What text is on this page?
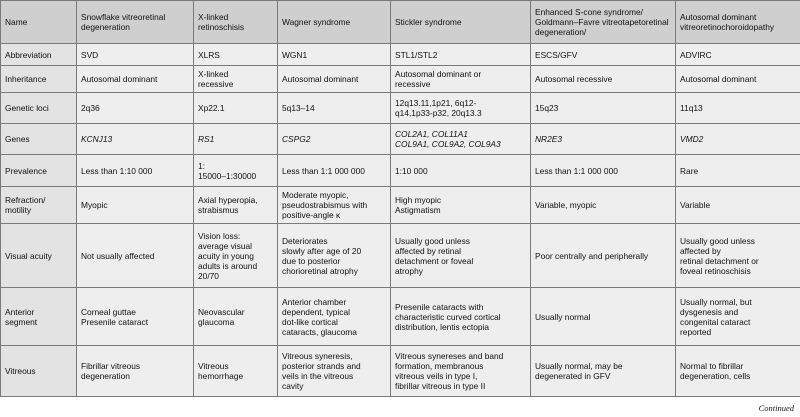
Name	Snowflake vitreoretinal degeneration	X-linked retinoschisis	Wagner syndrome	Stickler syndrome	Enhanced S-cone syndrome/ Goldmann–Favre vitreotapetoretinal degeneration/	Autosomal dominant vitreoretinochoroidopathy

Abbreviation	SVD	XLRS	WGN1	STL1/STL2	ESCS/GFV	ADVIRC

Inheritance	Autosomal dominant	X-linked
recessive	Autosomal dominant	Autosomal dominant or
recessive	Autosomal recessive	Autosomal dominant

Genetic loci	2q36	Xp22.1	5q13–14	12q13.11,1p21, 6q12-
q14,1p33-p32, 20q13.3	15q23	11q13

Genes	KCNJ13	RS1	CSPG2	COL2A1, COL11A1
COL9A1, COL9A2, COL9A3	NR2E3	VMD2

Prevalence	Less than 1:10 000	1:
15000–1:30000	Less than 1:1 000 000	1:10 000	Less than 1:1 000 000	Rare

Refraction/
motility	Myopic	Axial hyperopia,
strabismus	Moderate myopic,
pseudostrabismus with
positive-angle κ	High myopic
Astigmatism	Variable, myopic	Variable

Visual acuity	Not usually affected	Vision loss:
average visual
acuity in young
adults is around
20/70	Deteriorates
slowly after age of 20
due to posterior
chorioretinal atrophy	Usually good unless
affected by retinal
detachment or foveal
atrophy	Poor centrally and peripherally	Usually good unless
affected by
retinal detachment or
foveal retinoschisis

Anterior
segment	Corneal guttae
Presenile cataract	Neovascular
glaucoma	Anterior chamber
dependent, typical
dot-like cortical
cataracts, glaucoma	Presenile cataracts with
characteristic curved cortical
distribution, lentis ectopia	Usually normal	Usually normal, but
dysgenesis and
congenital cataract
reported

Vitreous	Fibrillar vitreous
degeneration	Vitreous
hemorrhage	Vitreous syneresis,
posterior strands and
veils in the vitreous
cavity	Vitreous synereses and band
formation, membranous
vitreous veils in type I,
fibrillar vitreous in type II	Usually normal, may be
degenerated in GFV	Normal to fibrillar
degeneration, cells
Continued
